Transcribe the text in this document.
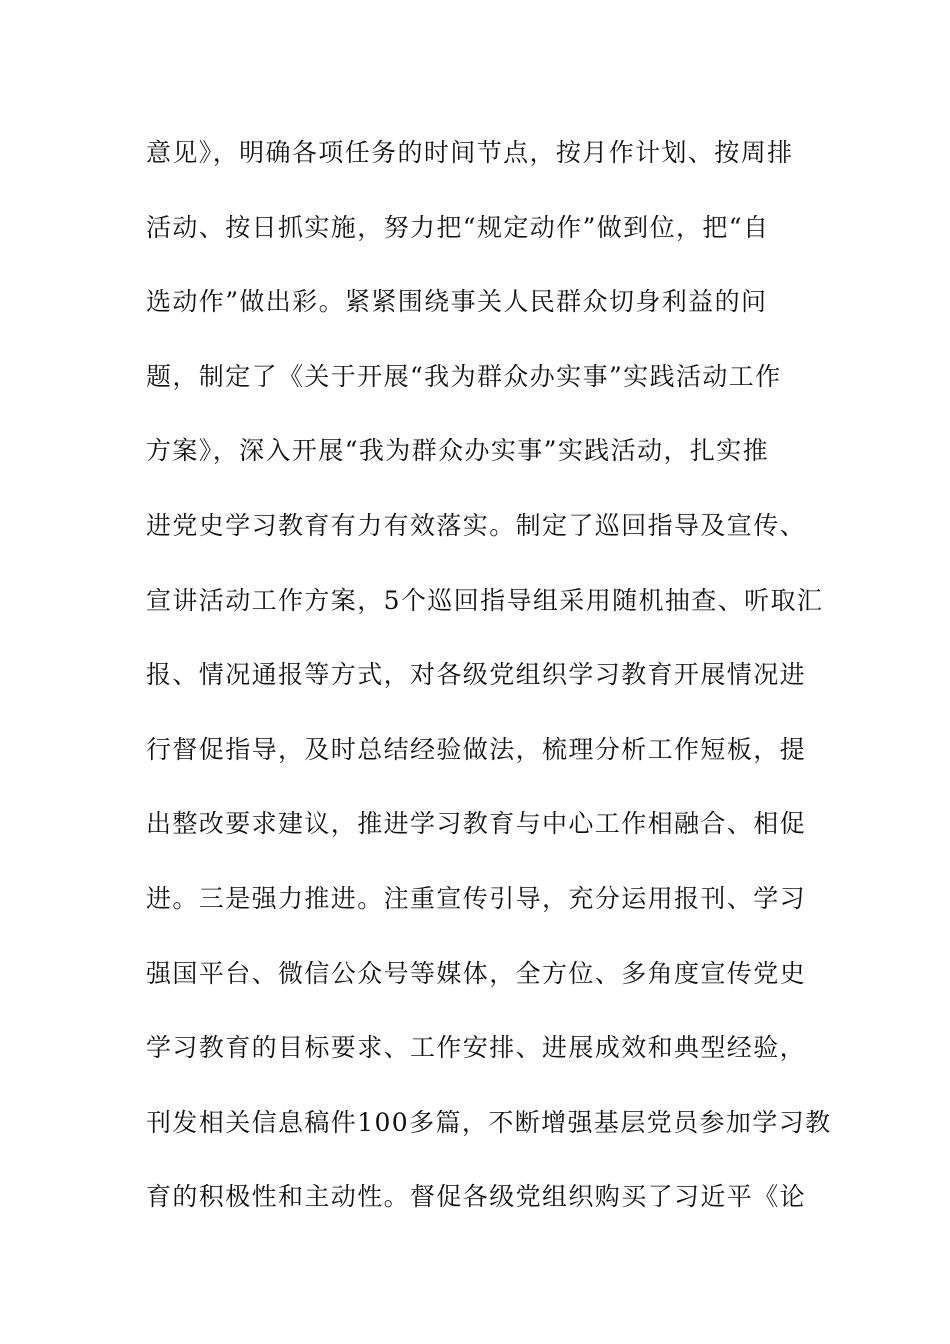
意见》，明确各项任务的时间节点，按月作计划、按周排
活动、按日抓实施，努力把“规定动作”做到位，把“自
选动作”做出彩。紧紧围绕事关人民群众切身利益的问
题，制定了《关于开展“我为群众办实事”实践活动工作
方案》，深入开展“我为群众办实事”实践活动，扎实推
进党史学习教育有力有效落实。制定了巡回指导及宣传、
宣讲活动工作方案，5个巡回指导组采用随机抽查、听取汇
报、情况通报等方式，对各级党组织学习教育开展情况进
行督促指导，及时总结经验做法，梳理分析工作短板，提
出整改要求建议，推进学习教育与中心工作相融合、相促
进。三是强力推进。注重宣传引导，充分运用报刊、学习
强国平台、微信公众号等媒体，全方位、多角度宣传党史
学习教育的目标要求、工作安排、进展成效和典型经验，
刊发相关信息稿件100多篇，不断增强基层党员参加学习教
育的积极性和主动性。督促各级党组织购买了习近平《论
